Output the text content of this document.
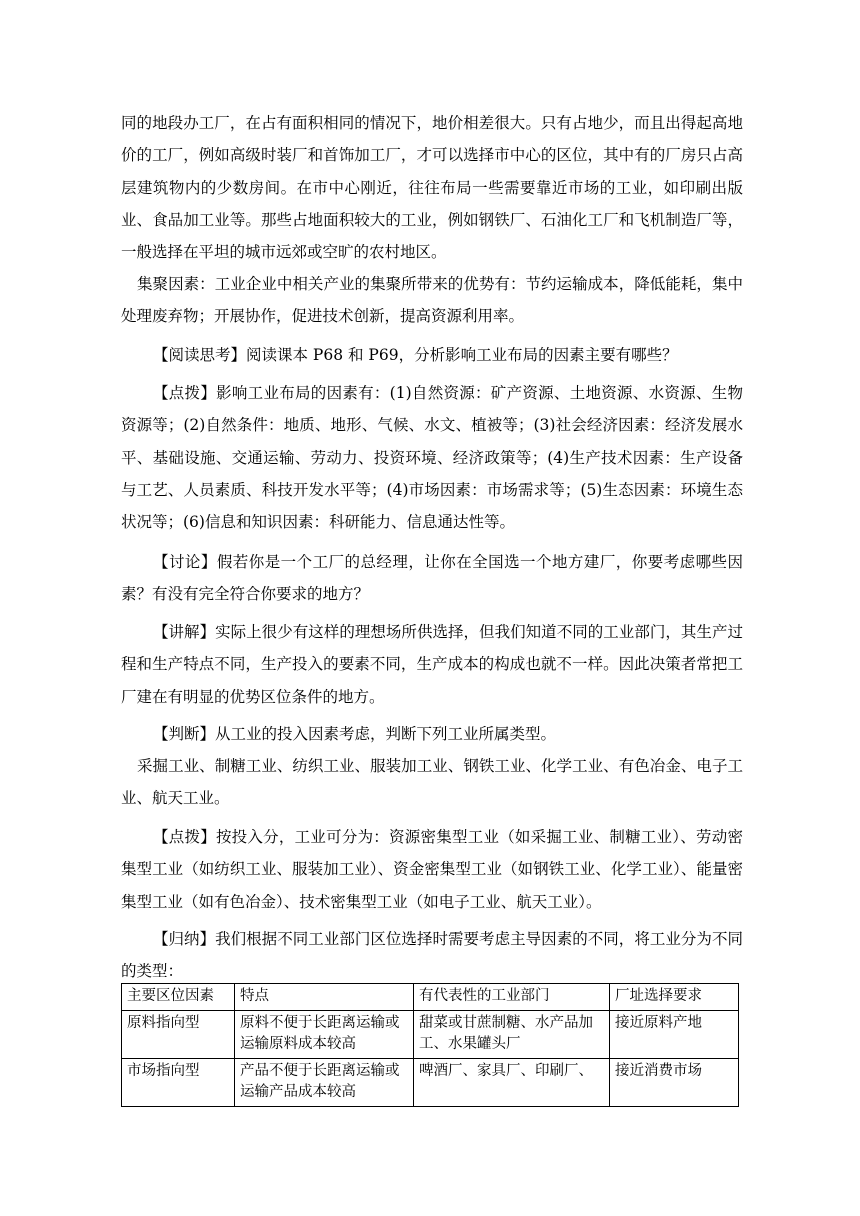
同的地段办工厂，在占有面积相同的情况下，地价相差很大。只有占地少，而且出得起高地价的工厂，例如高级时装厂和首饰加工厂，才可以选择市中心的区位，其中有的厂房只占高层建筑物内的少数房间。在市中心刚近，往往布局一些需要靠近市场的工业，如印刷出版业、食品加工业等。那些占地面积较大的工业，例如钢铁厂、石油化工厂和飞机制造厂等，一般选择在平坦的城市远郊或空旷的农村地区。

集聚因素：工业企业中相关产业的集聚所带来的优势有：节约运输成本，降低能耗，集中处理废弃物；开展协作，促进技术创新，提高资源利用率。

【阅读思考】阅读课本 P68 和 P69，分析影响工业布局的因素主要有哪些？

【点拨】影响工业布局的因素有：(1)自然资源：矿产资源、土地资源、水资源、生物资源等；(2)自然条件：地质、地形、气候、水文、植被等；(3)社会经济因素：经济发展水平、基础设施、交通运输、劳动力、投资环境、经济政策等；(4)生产技术因素：生产设备与工艺、人员素质、科技开发水平等；(4)市场因素：市场需求等；(5)生态因素：环境生态状况等；(6)信息和知识因素：科研能力、信息通达性等。

【讨论】假若你是一个工厂的总经理，让你在全国选一个地方建厂，你要考虑哪些因素？有没有完全符合你要求的地方？

【讲解】实际上很少有这样的理想场所供选择，但我们知道不同的工业部门，其生产过程和生产特点不同，生产投入的要素不同，生产成本的构成也就不一样。因此决策者常把工厂建在有明显的优势区位条件的地方。

【判断】从工业的投入因素考虑，判断下列工业所属类型。

采掘工业、制糖工业、纺织工业、服装加工业、钢铁工业、化学工业、有色冶金、电子工业、航天工业。

【点拨】按投入分，工业可分为：资源密集型工业（如采掘工业、制糖工业）、劳动密集型工业（如纺织工业、服装加工业）、资金密集型工业（如钢铁工业、化学工业）、能量密集型工业（如有色冶金）、技术密集型工业（如电子工业、航天工业）。

【归纳】我们根据不同工业部门区位选择时需要考虑主导因素的不同，将工业分为不同的类型：

主要区位因素	特点	有代表性的工业部门	厂址选择要求
原料指向型	原料不便于长距离运输或运输原料成本较高	甜菜或甘蔗制糖、水产品加工、水果罐头厂	接近原料产地
市场指向型	产品不便于长距离运输或运输产品成本较高	啤酒厂、家具厂、印刷厂、	接近消费市场
